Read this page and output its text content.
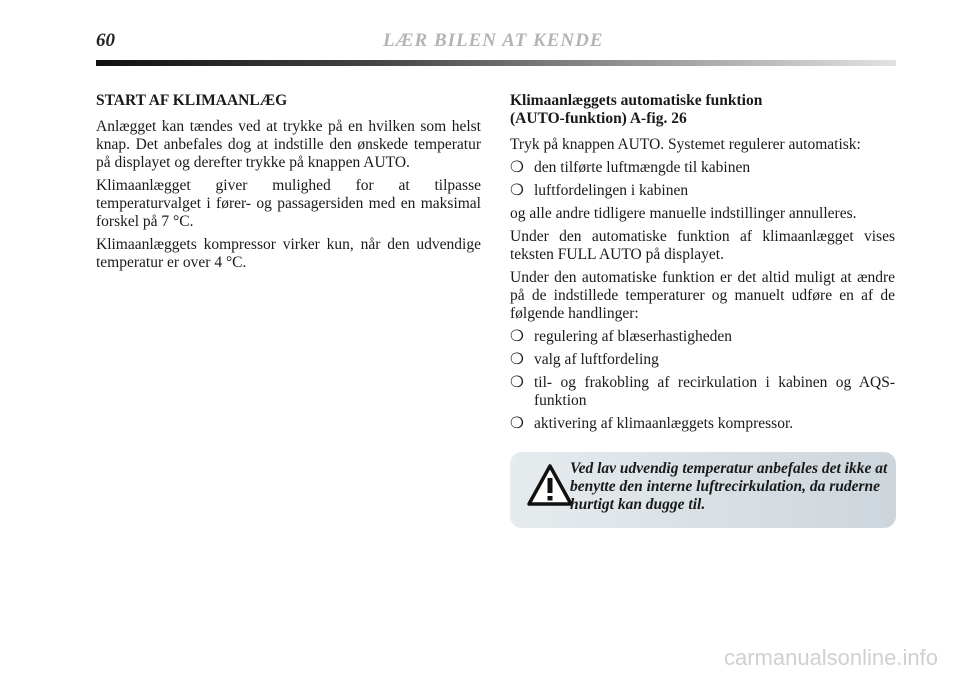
60	LÆR BILEN AT KENDE
START AF KLIMAANLÆG

Anlægget kan tændes ved at trykke på en hvilken som helst knap. Det anbefales dog at indstille den ønskede temperatur på displayet og derefter trykke på knappen AUTO.

Klimaanlægget giver mulighed for at tilpasse temperaturvalget i fører- og passagersiden med en maksimal forskel på 7 °C.

Klimaanlæggets kompressor virker kun, når den udvendige temperatur er over 4 °C.

Klimaanlæggets automatiske funktion
(AUTO-funktion) A-fig. 26

Tryk på knappen AUTO. Systemet regulerer automatisk:

❍ den tilførte luftmængde til kabinen
❍ luftfordelingen i kabinen

og alle andre tidligere manuelle indstillinger annulleres.

Under den automatiske funktion af klimaanlægget vises teksten FULL AUTO på displayet.

Under den automatiske funktion er det altid muligt at ændre på de indstillede temperaturer og manuelt udføre en af de følgende handlinger:

❍ regulering af blæserhastigheden
❍ valg af luftfordeling
❍ til- og frakobling af recirkulation i kabinen og AQS-funktion
❍ aktivering af klimaanlæggets kompressor.
Ved lav udvendig temperatur anbefales det ikke at benytte den interne luftrecirkulation, da ruderne hurtigt kan dugge til.
carmanualsonline.info
